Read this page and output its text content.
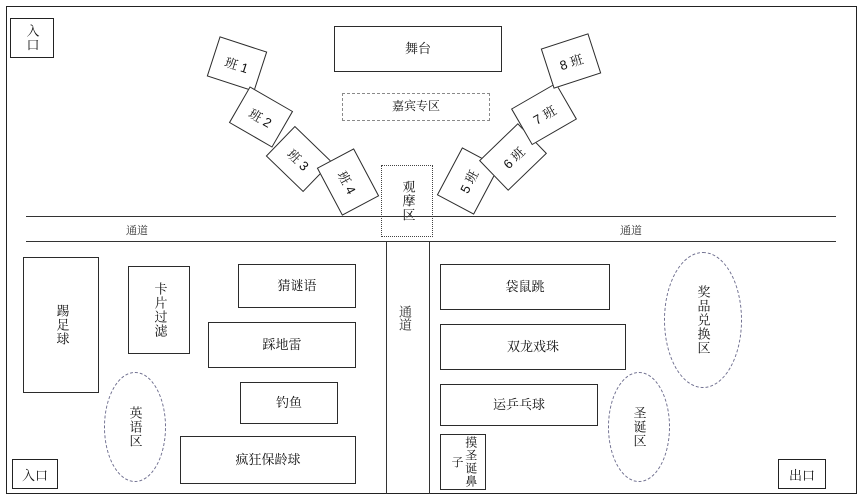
入口
入口	出口
舞台
嘉宾专区
观摩区
班 1
班 2
班 3
班 4	5 班
6 班
7 班
8 班
通道	通道
通道
踢足球	卡片过滤	猜谜语
踩地雷
钓鱼
疯狂保龄球
袋鼠跳
双龙戏珠
运乒乓球
摸圣诞鼻子
英语区	圣诞区
奖品兑换区
